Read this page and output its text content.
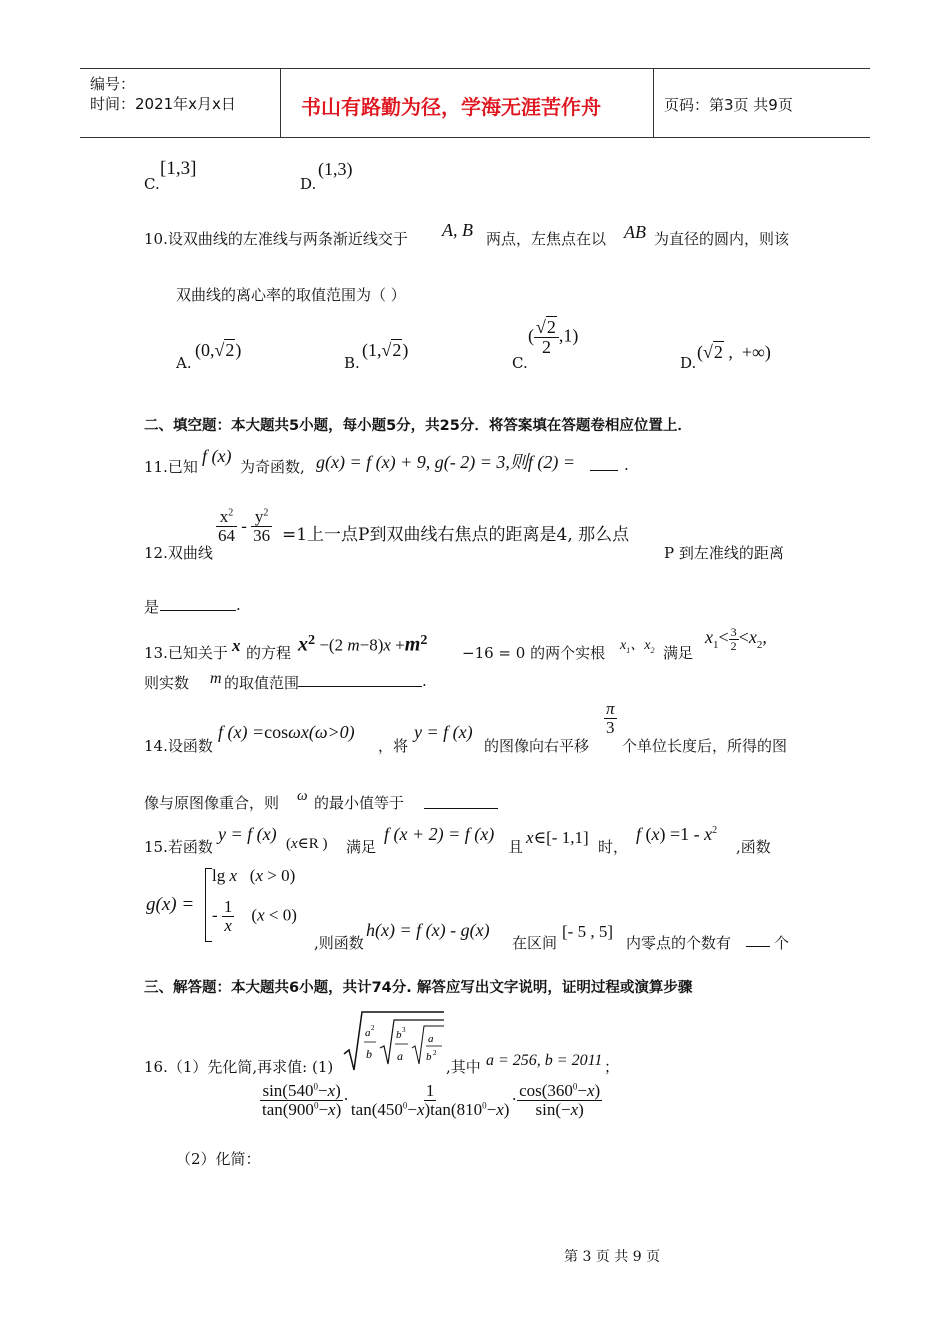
编号：
时间：2021年x月x日	书山有路勤为径，学海无涯苦作舟	页码：第3页 共9页
C.
[1,3]
D.
(1,3)
10.设双曲线的左准线与两条渐近线交于 A, B 两点，左焦点在以 AB 为直径的圆内，则该
双曲线的离心率的取值范围为（ ）
A.
(0,√2)
B.
(1,√2)
C.
( $\frac{√2}{2} ,1$)
D.
(√2 ,  +∞)
二、填空题：本大题共5小题，每小题5分，共25分．将答案填在答题卷相应位置上．
11.已知
f (x)
为奇函数, g(x) = f (x) + 9, g(- 2) = 3,则f (2) =	.
12.双曲线
$\frac{x^2}{64} - \frac{y^2}{36} =1$上一点P到双曲线右焦点的距离是4, 那么点
P 到左准线的距离
是	.
13.已知关于 x 的方程 $x^2 -(2$ $m-8)x +m^2$
−16 = 0 的两个实根 $x_1$、$x_2$ 满足
$x_1< \frac{3}{2} <x_2$,
则实数 m 的取值范围	.
14.设函数
f (x) =cosωx(ω>0)
，将
y = f (x)
的图像向右平移
$\frac{\pi}{3}$
个单位长度后，所得的图
像与原图像重合，则 ω 的最小值等于
15.若函数
y = f (x) (x∈R ) 满足
f (x + 2) = f (x)
且 x∈[- 1,1] 时，
f $(x) =1 - x^2$
,函数
g(x) =
lg x   (x > 0)
- $\frac{1}{x} (x < 0)$
,则函数
h(x) = f (x) - g(x)
在区间
[- 5 , 5]
内零点的个数有	个
三、解答题：本大题共6小题，共计74分. 解答应写出文字说明，证明过程或演算步骤
16.（1）先化简,再求值: (1)
a 2
b
b 3
a
a
b 2
,其中 a = 256, b = 2011 ；
$\frac{\sin(540^0-x)}{\tan(900^0-x)} \cdot \frac{1}{\tan(450^0-x)\tan(810^0-x)} \cdot \frac{\cos(360^0-x)}{\sin(-x)}$
（2）化简：
第 3 页 共 9 页
